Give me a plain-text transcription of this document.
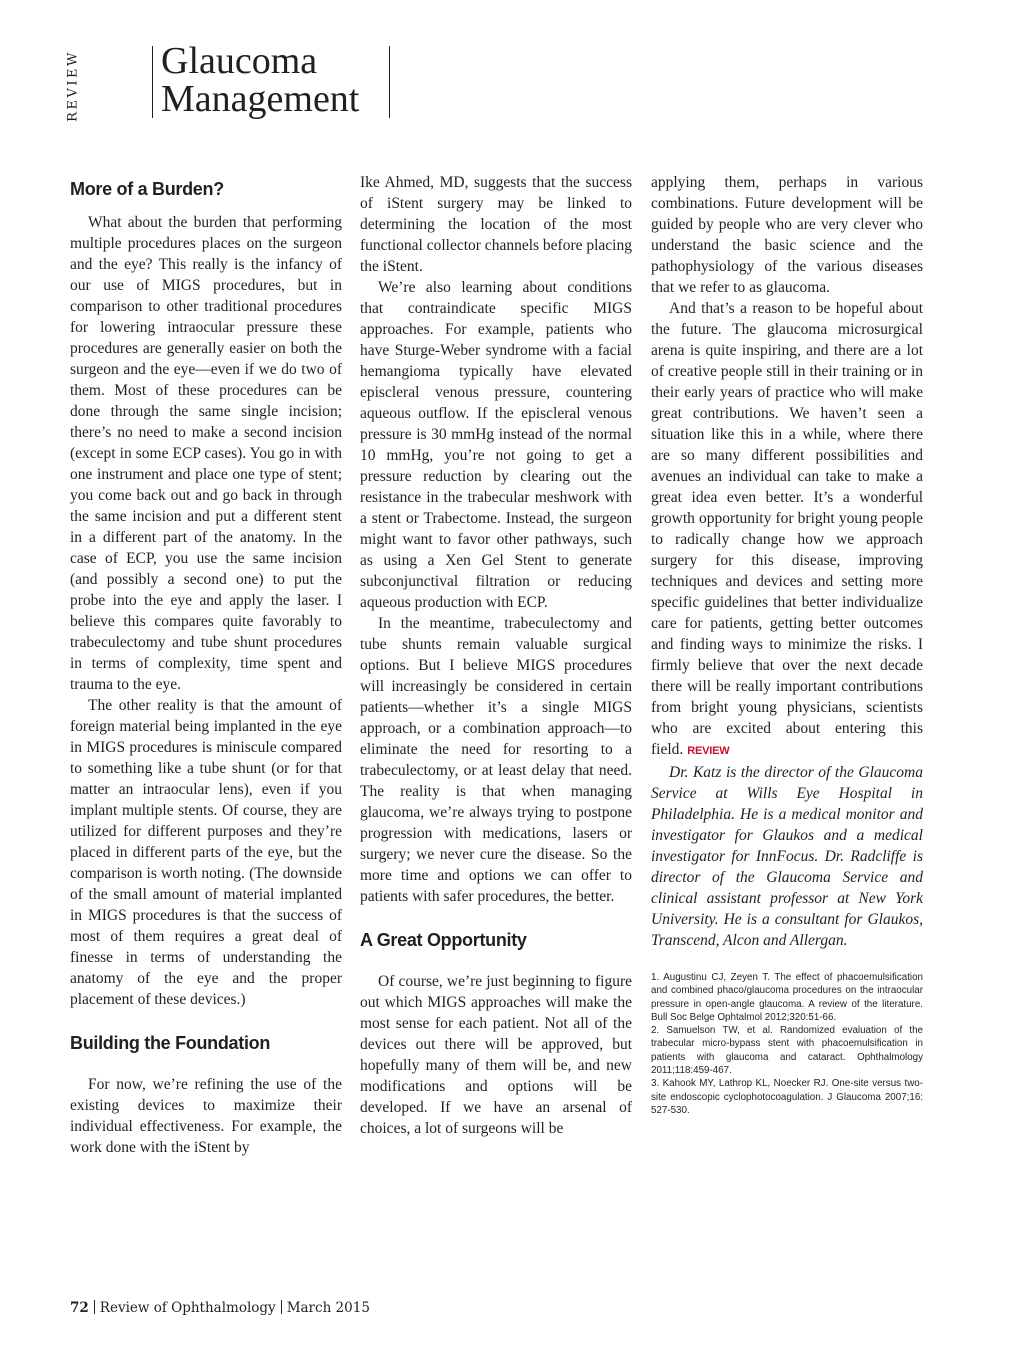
REVIEW Glaucoma
Management
More of a Burden?

What about the burden that performing multiple procedures places on the surgeon and the eye? This really is the infancy of our use of MIGS procedures, but in comparison to other traditional procedures for lowering intraocular pressure these procedures are generally easier on both the surgeon and the eye—even if we do two of them. Most of these procedures can be done through the same single incision; there’s no need to make a second incision (except in some ECP cases). You go in with one instrument and place one type of stent; you come back out and go back in through the same incision and put a different stent in a different part of the anatomy. In the case of ECP, you use the same incision (and possibly a second one) to put the probe into the eye and apply the laser. I believe this compares quite favorably to trabeculectomy and tube shunt procedures in terms of complexity, time spent and trauma to the eye.

The other reality is that the amount of foreign material being implanted in the eye in MIGS procedures is miniscule compared to something like a tube shunt (or for that matter an intraocular lens), even if you implant multiple stents. Of course, they are utilized for different purposes and they’re placed in different parts of the eye, but the comparison is worth noting. (The downside of the small amount of material implanted in MIGS procedures is that the success of most of them requires a great deal of finesse in terms of understanding the anatomy of the eye and the proper placement of these devices.)

Building the Foundation

For now, we’re refining the use of the existing devices to maximize their individual effectiveness. For example, the work done with the iStent by

Ike Ahmed, MD, suggests that the success of iStent surgery may be linked to determining the location of the most functional collector channels before placing the iStent.

We’re also learning about conditions that contraindicate specific MIGS approaches. For example, patients who have Sturge-Weber syndrome with a facial hemangioma typically have elevated episcleral venous pressure, countering aqueous outflow. If the episcleral venous pressure is 30 mmHg instead of the normal 10 mmHg, you’re not going to get a pressure reduction by clearing out the resistance in the trabecular meshwork with a stent or Trabectome. Instead, the surgeon might want to favor other pathways, such as using a Xen Gel Stent to generate subconjunctival filtration or reducing aqueous production with ECP.

In the meantime, trabeculectomy and tube shunts remain valuable surgical options. But I believe MIGS procedures will increasingly be considered in certain patients—whether it’s a single MIGS approach, or a combination approach—to eliminate the need for resorting to a trabeculectomy, or at least delay that need. The reality is that when managing glaucoma, we’re always trying to postpone progression with medications, lasers or surgery; we never cure the disease. So the more time and options we can offer to patients with safer procedures, the better.

A Great Opportunity

Of course, we’re just beginning to figure out which MIGS approaches will make the most sense for each patient. Not all of the devices out there will be approved, but hopefully many of them will be, and new modifications and options will be developed. If we have an arsenal of choices, a lot of surgeons will be

applying them, perhaps in various combinations. Future development will be guided by people who are very clever who understand the basic science and the pathophysiology of the various diseases that we refer to as glaucoma.

And that’s a reason to be hopeful about the future. The glaucoma microsurgical arena is quite inspiring, and there are a lot of creative people still in their training or in their early years of practice who will make great contributions. We haven’t seen a situation like this in a while, where there are so many different possibilities and avenues an individual can take to make a great idea even better. It’s a wonderful growth opportunity for bright young people to radically change how we approach surgery for this disease, improving techniques and devices and setting more specific guidelines that better individualize care for patients, getting better outcomes and finding ways to minimize the risks. I firmly believe that over the next decade there will be really important contributions from bright young physicians, scientists who are excited about entering this field. REVIEW

Dr. Katz is the director of the Glaucoma Service at Wills Eye Hospital in Philadelphia. He is a medical monitor and investigator for Glaukos and a medical investigator for InnFocus. Dr. Radcliffe is director of the Glaucoma Service and clinical assistant professor at New York University. He is a consultant for Glaukos, Transcend, Alcon and Allergan.

1. Augustinu CJ, Zeyen T. The effect of phacoemulsification and combined phaco/glaucoma procedures on the intraocular pressure in open-angle glaucoma. A review of the literature. Bull Soc Belge Ophtalmol 2012;320:51-66.
2. Samuelson TW, et al. Randomized evaluation of the trabecular micro-bypass stent with phacoemulsification in patients with glaucoma and cataract. Ophthalmology 2011;118:459-467.
3. Kahook MY, Lathrop KL, Noecker RJ. One-site versus two-site endoscopic cyclophotocoagulation. J Glaucoma 2007;16: 527-530.
72 Review of Ophthalmology March 2015
